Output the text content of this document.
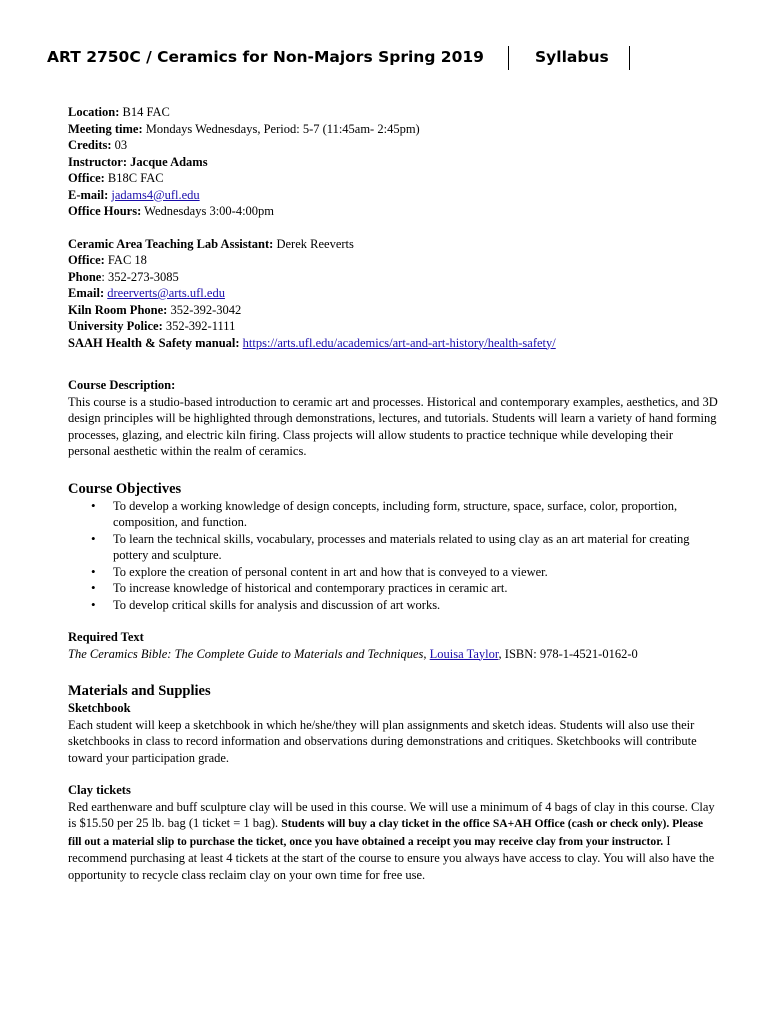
ART 2750C / Ceramics for Non-Majors Spring 2019	Syllabus

Location: B14 FAC

Meeting time: Mondays Wednesdays, Period: 5-7 (11:45am- 2:45pm)

Credits: 03

Instructor: Jacque Adams

Office: B18C FAC

E-mail: jadams4@ufl.edu

Office Hours: Wednesdays 3:00-4:00pm

Ceramic Area Teaching Lab Assistant: Derek Reeverts

Office: FAC 18

Phone: 352-273-3085

Email: dreerverts@arts.ufl.edu

Kiln Room Phone: 352-392-3042

University Police: 352-392-1111

SAAH Health & Safety manual: https://arts.ufl.edu/academics/art-and-art-history/health-safety/

Course Description:

This course is a studio-based introduction to ceramic art and processes. Historical and contemporary examples, aesthetics, and 3D design principles will be highlighted through demonstrations, lectures, and tutorials. Students will learn a variety of hand forming processes, glazing, and electric kiln firing. Class projects will allow students to practice technique while developing their personal aesthetic within the realm of ceramics.

Course Objectives

• To develop a working knowledge of design concepts, including form, structure, space, surface, color, proportion, composition, and function.
• To learn the technical skills, vocabulary, processes and materials related to using clay as an art material for creating pottery and sculpture.
• To explore the creation of personal content in art and how that is conveyed to a viewer.
• To increase knowledge of historical and contemporary practices in ceramic art.
• To develop critical skills for analysis and discussion of art works.

Required Text

The Ceramics Bible: The Complete Guide to Materials and Techniques, Louisa Taylor, ISBN: 978-1-4521-0162-0

Materials and Supplies

Sketchbook

Each student will keep a sketchbook in which he/she/they will plan assignments and sketch ideas. Students will also use their sketchbooks in class to record information and observations during demonstrations and critiques. Sketchbooks will contribute toward your participation grade.

Clay tickets

Red earthenware and buff sculpture clay will be used in this course. We will use a minimum of 4 bags of clay in this course. Clay is $15.50 per 25 lb. bag (1 ticket = 1 bag). Students will buy a clay ticket in the office SA+AH Office (cash or check only). Please fill out a material slip to purchase the ticket, once you have obtained a receipt you may receive clay from your instructor. I recommend purchasing at least 4 tickets at the start of the course to ensure you always have access to clay. You will also have the opportunity to recycle class reclaim clay on your own time for free use.
